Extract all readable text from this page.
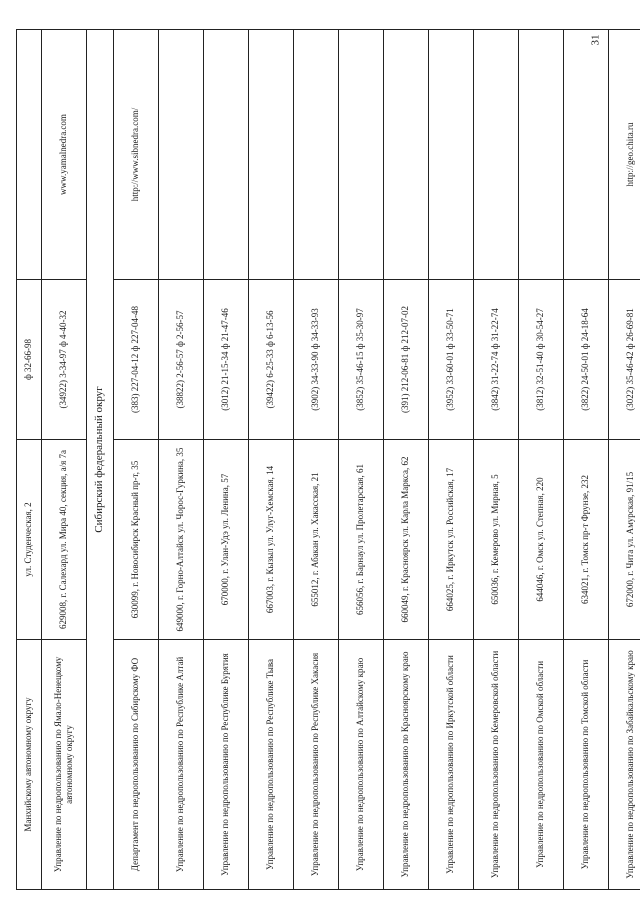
31
Манхийскому автономному округу	ул. Студенческая, 2	ф 32-66-98	
Управление по недропользованию по Ямало-Ненецкому автономному округу	629008, г. Салехард ул. Мира 40, секция, а/я 7а	(34922) 3-34-97 ф 4-40-32	www.yamalnedra.com
Сибирский федеральный округ			
Департамент по недропользованию по Сибирскому ФО	630099, г. Новосибирск Красный пр-т, 35	(383) 227-04-12 ф 227-04-48	http://www.sibnedra.com/
Управление по недропользованию по Республике Алтай	649000, г. Горно-Алтайск ул. Чорос-Гуркина, 35	(38822) 2-56-57 ф 2-56-57	
Управление по недропользованию по Республике Бурятия	670000, г. Улан-Удэ ул. Ленина, 57	(3012) 21-15-34 ф 21-47-46	
Управление по недропользованию по Республике Тыва	667003, г. Кызыл ул. Улуг-Хемская, 14	(39422) 6-25-33 ф 6-13-56	
Управление по недропользованию по Республике Хакасия	655012, г. Абакан ул. Хакасская, 21	(3902) 34-33-90 ф 34-33-93	
Управление по недропользованию по Алтайскому краю	656056, г. Барнаул ул. Пролетарская, 61	(3852) 35-46-15 ф 35-30-97	
Управление по недропользованию по Красноярскому краю	660049, г. Красноярск ул. Карла Маркса, 62	(391) 212-06-81 ф 212-07-02	
Управление по недропользованию по Иркутской области	664025, г. Иркутск ул. Российская, 17	(3952) 33-60-01 ф 33-50-71	
Управление по недропользованию по Кемеровской области	650036, г. Кемерово ул. Мирная, 5	(3842) 31-22-74 ф 31-22-74	
Управление по недропользованию по Омской области	644046, г. Омск ул. Степная, 220	(3812) 32-51-40 ф 30-54-27	
Управление по недропользованию по Томской области	634021, г. Томск пр-т Фрунзе, 232	(3822) 24-50-01 ф 24-18-64	
Управление по недропользованию по Забайкальскому краю	672000, г. Чита ул. Амурская, 91/15	(3022) 35-46-42 ф 26-69-81	http://geo.chita.ru
